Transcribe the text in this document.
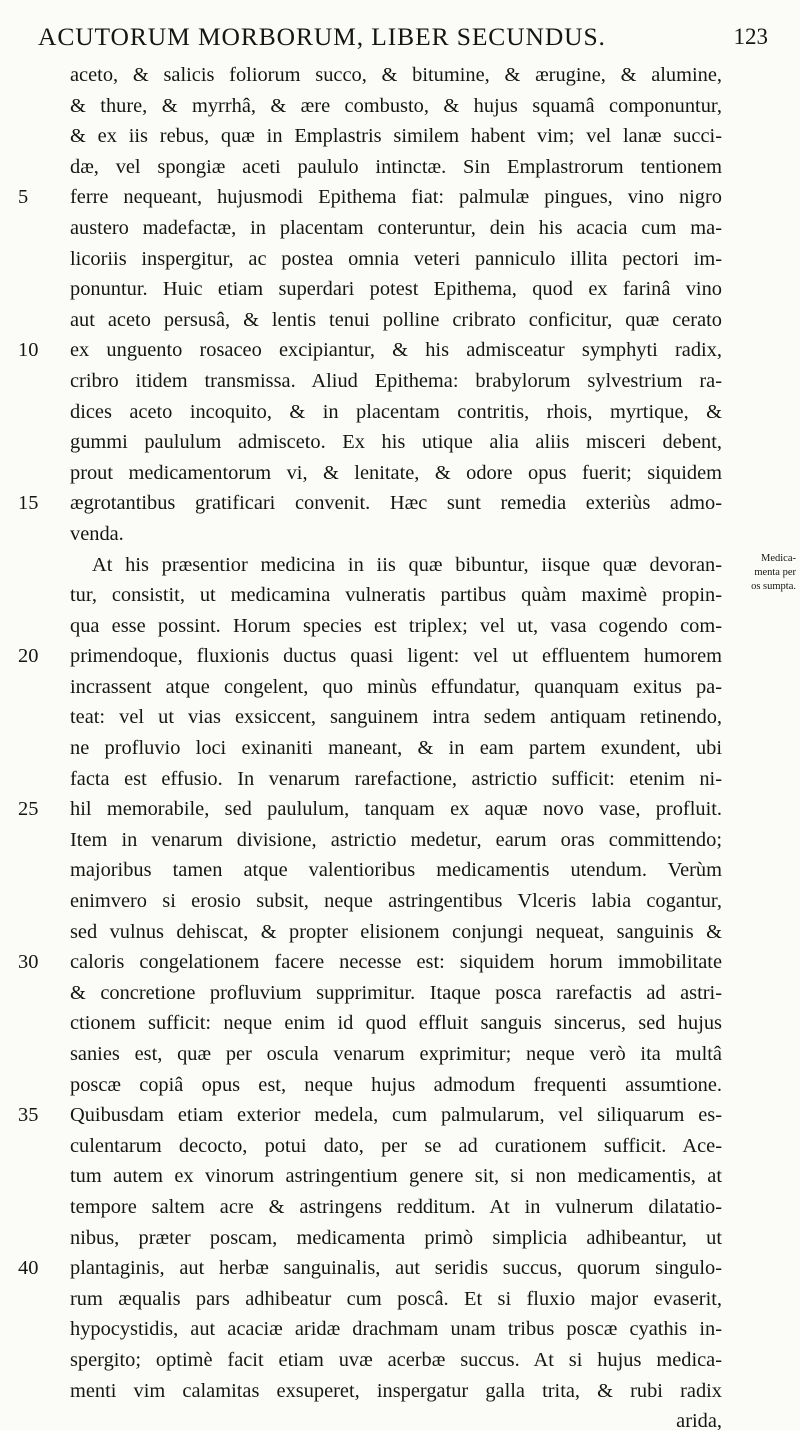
ACUTORUM MORBORUM, LIBER SECUNDUS.	123
aceto, & salicis foliorum succo, & bitumine, & ærugine, & alumine,
& thure, & myrrhâ, & ære combusto, & hujus squamâ componuntur,
& ex iis rebus, quæ in Emplastris similem habent vim; vel lanæ succi-
dæ, vel spongiæ aceti paululo intinctæ. Sin Emplastrorum tentionem
5	ferre nequeant, hujusmodi Epithema fiat: palmulæ pingues, vino nigro
austero madefactæ, in placentam conteruntur, dein his acacia cum ma-
licoriis inspergitur, ac postea omnia veteri panniculo illita pectori im-
ponuntur. Huic etiam superdari potest Epithema, quod ex farinâ vino
aut aceto persusâ, & lentis tenui polline cribrato conficitur, quæ cerato
10	ex unguento rosaceo excipiantur, & his admisceatur symphyti radix,
cribro itidem transmissa. Aliud Epithema: brabylorum sylvestrium ra-
dices aceto incoquito, & in placentam contritis, rhois, myrtique, &
gummi paululum admisceto. Ex his utique alia aliis misceri debent,
prout medicamentorum vi, & lenitate, & odore opus fuerit; siquidem
15	ægrotantibus gratificari convenit. Hæc sunt remedia exteriùs admo-
venda.
At his præsentior medicina in iis quæ bibuntur, iisque quæ devoran-
tur, consistit, ut medicamina vulneratis partibus quàm maximè propin-
qua esse possint. Horum species est triplex; vel ut, vasa cogendo com-
20	primendoque, fluxionis ductus quasi ligent: vel ut effluentem humorem
incrassent atque congelent, quo minùs effundatur, quanquam exitus pa-
teat: vel ut vias exsiccent, sanguinem intra sedem antiquam retinendo,
ne profluvio loci exinaniti maneant, & in eam partem exundent, ubi
facta est effusio. In venarum rarefactione, astrictio sufficit: etenim ni-
25	hil memorabile, sed paululum, tanquam ex aquæ novo vase, profluit.
Item in venarum divisione, astrictio medetur, earum oras committendo;
majoribus tamen atque valentioribus medicamentis utendum. Verùm
enimvero si erosio subsit, neque astringentibus Vlceris labia cogantur,
sed vulnus dehiscat, & propter elisionem conjungi nequeat, sanguinis &
30	caloris congelationem facere necesse est: siquidem horum immobilitate
& concretione profluvium supprimitur. Itaque posca rarefactis ad astri-
ctionem sufficit: neque enim id quod effluit sanguis sincerus, sed hujus
sanies est, quæ per oscula venarum exprimitur; neque verò ita multâ
poscæ copiâ opus est, neque hujus admodum frequenti assumtione.
35	Quibusdam etiam exterior medela, cum palmularum, vel siliquarum es-
culentarum decocto, potui dato, per se ad curationem sufficit. Ace-
tum autem ex vinorum astringentium genere sit, si non medicamentis, at
tempore saltem acre & astringens redditum. At in vulnerum dilatatio-
nibus, præter poscam, medicamenta primò simplicia adhibeantur, ut
40	plantaginis, aut herbæ sanguinalis, aut seridis succus, quorum singulo-
rum æqualis pars adhibeatur cum poscâ. Et si fluxio major evaserit,
hypocystidis, aut acaciæ aridæ drachmam unam tribus poscæ cyathis in-
spergito; optimè facit etiam uvæ acerbæ succus. At si hujus medica-
menti vim calamitas exsuperet, inspergatur galla trita, & rubi radix
arida,
Medica-
menta per
os sumpta.
